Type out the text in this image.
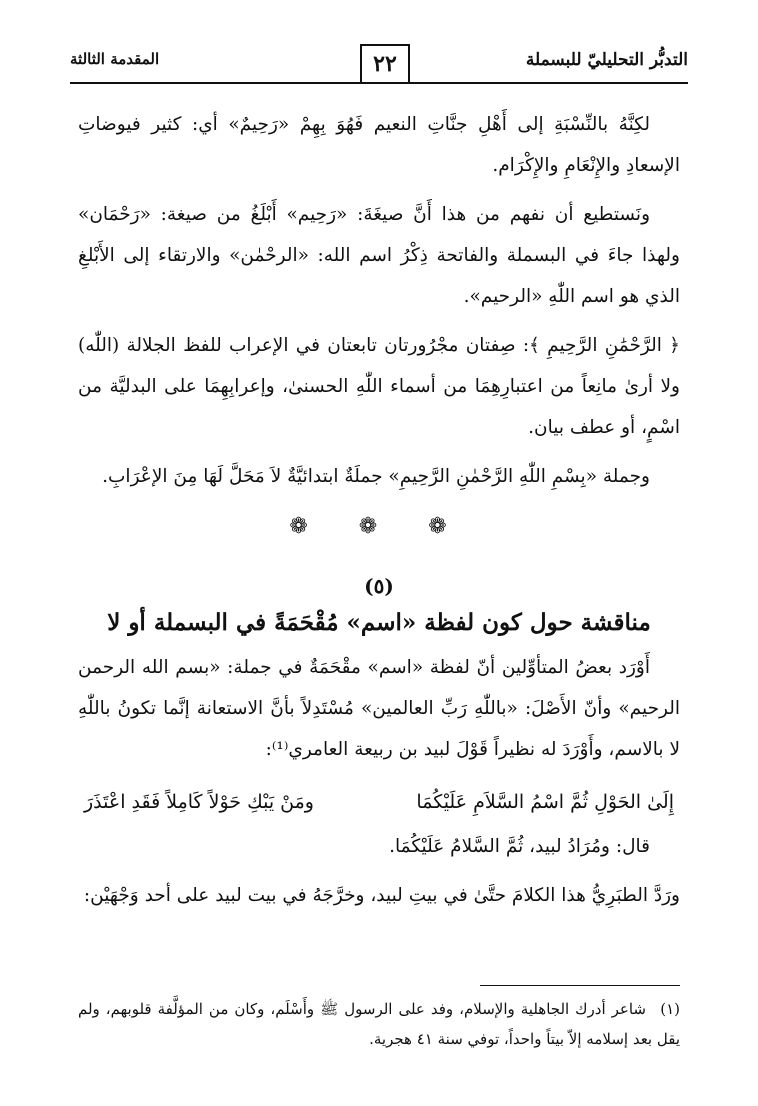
التدبُّر التحليليّ للبسملة
٢٢
المقدمة الثالثة

لكِنَّهُ بالنِّسْبَةِ إلى أَهْلِ جنَّاتِ النعيم فَهُوَ بِهِمْ «رَحِيمٌ» أي: كثير فيوضاتِ الإسعادِ والإِنْعَامِ والإِكْرَام.

ونَستطيع أن نفهم من هذا أَنَّ صيغَةَ: «رَحِيم» أَبْلَغُ من صيغة: «رَحْمَان» ولهذا جاءَ في البسملة والفاتحة ذِكْرُ اسم الله: «الرحْمٰن» والارتقاء إلى الأَبْلغِ الذي هو اسم اللّٰهِ «الرحيم».

﴿ الرَّحْمَٰنِ الرَّحِيمِ ﴾: صِفتان مجْرُورتان تابعتان في الإعراب للفظ الجلالة (اللّٰه) ولا أرىٰ مانِعاً من اعتبارِهِمَا من أسماء اللّٰهِ الحسنىٰ، وإعرابِهِمَا على البدليَّة من اسْمٍ، أو عطف بيان.

وجملة «بِسْمِ اللّٰهِ الرَّحْمٰنِ الرَّحِيمِ» جملَةٌ ابتدائيَّةٌ لاَ مَحَلَّ لَهَا مِنَ الإعْرَابِ.

❁ ❁ ❁
(٥)
مناقشة حول كون لفظة «اسم» مُقْحَمَةً في البسملة أو لا

أَوْرَد بعضُ المتأوِّلين أنّ لفظة «اسم» مقْحَمَةٌ في جملة: «بسم الله الرحمن الرحيم» وأنّ الأَصْلَ: «باللّٰهِ رَبِّ العالمين» مُسْتَدِلاً بأنَّ الاستعانة إنَّما تكونُ باللّٰهِ لا بالاسم، وأَوْرَدَ له نظيراً قَوْلَ لبيد بن ربيعة العامري⁽¹⁾:

إِلَىٰ الحَوْلِ ثُمَّ اسْمُ السَّلاَمِ عَلَيْكُمَا
ومَنْ يَبْكِ حَوْلاً كَامِلاً فَقَدِ اعْتَذَرَ

قال: ومُرَادُ لبيد، ثُمَّ السَّلامُ عَلَيْكُمَا.

ورَدَّ الطبَرِيُّ هذا الكلامَ حتَّىٰ في بيتِ لبيد، وخرَّجَهُ في بيت لبيد على أحد وَجْهَيْن:

(١)شاعر أدرك الجاهلية والإسلام، وفد على الرسول ﷺ وأَسْلَم، وكان من المؤلَّفة قلوبهم، ولم يقل بعد إسلامه إلاّ بيتاً واحداً، توفي سنة ٤١ هجرية.
